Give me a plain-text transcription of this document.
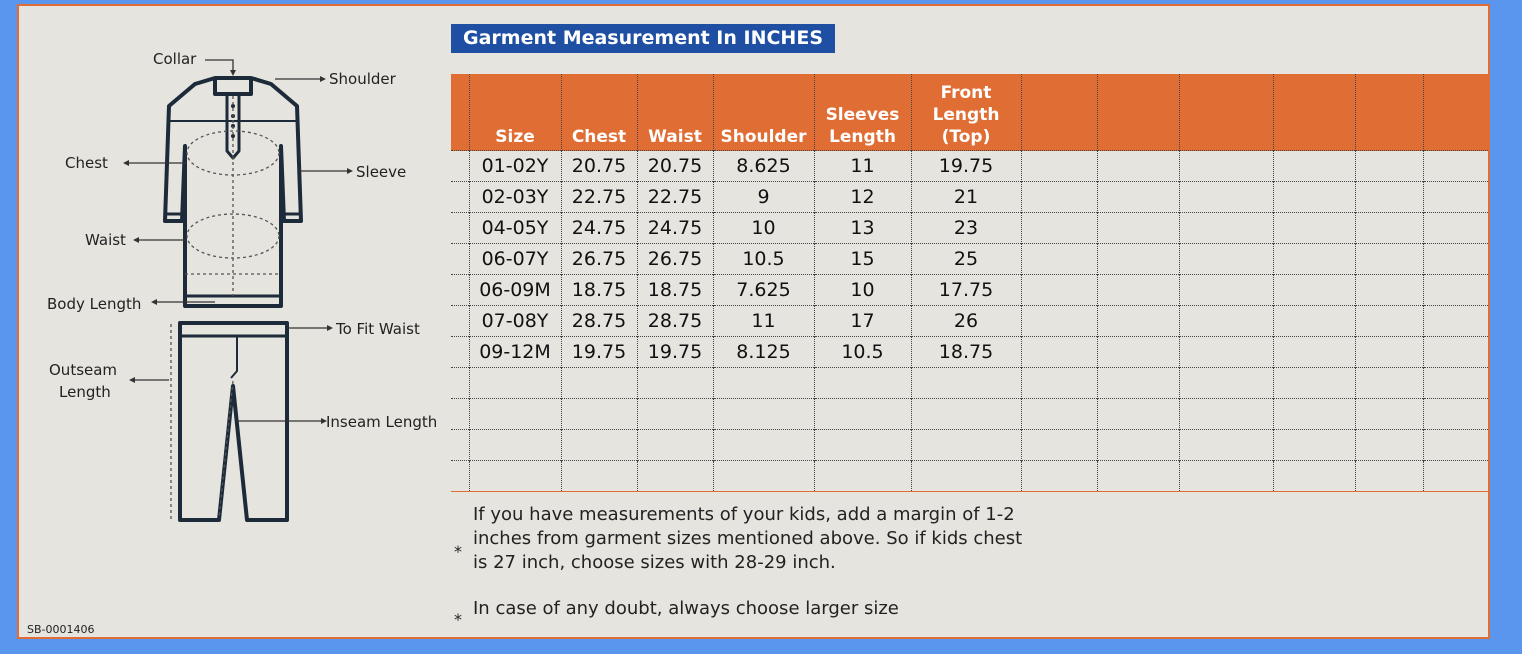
Collar
Shoulder
Chest	Sleeve
Waist
Body Length
To Fit Waist
Outseam
Length
Inseam Length
SB-0001406
Garment Measurement In INCHES
	Size	Chest	Waist	Shoulder	Sleeves Length	Front Length (Top)						
	01-02Y	20.75	20.75	8.625	11	19.75						
	02-03Y	22.75	22.75	9	12	21						
	04-05Y	24.75	24.75	10	13	23						
	06-07Y	26.75	26.75	10.5	15	25						
	06-09M	18.75	18.75	7.625	10	17.75						
	07-08Y	28.75	28.75	11	17	26						
	09-12M	19.75	19.75	8.125	10.5	18.75						

*
If you have measurements of your kids, add a margin of 1-2 inches from garment sizes mentioned above. So if kids chest is 27 inch, choose sizes with 28-29 inch.
*
In case of any doubt, always choose larger size
